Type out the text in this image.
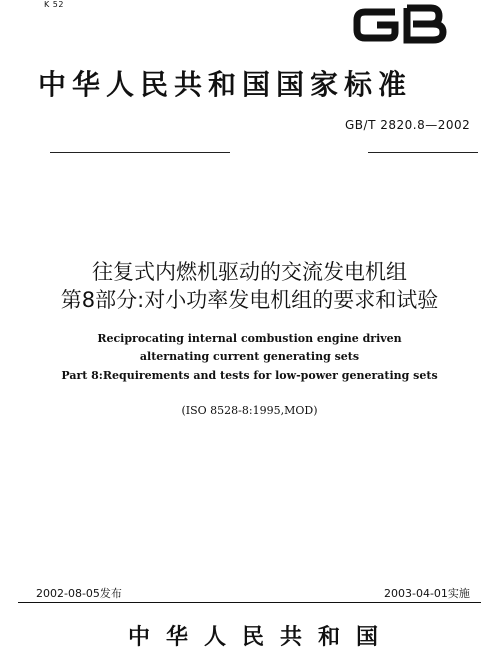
K 52	GB
中华人民共和国国家标准
GB/T 2820.8—2002
往复式内燃机驱动的交流发电机组
第8部分:对小功率发电机组的要求和试验
Reciprocating internal combustion engine driven
alternating current generating sets
Part 8:Requirements and tests for low-power generating sets
(ISO 8528-8:1995,MOD)
2002-08-05发布	2003-04-01实施
中华人民共和国
